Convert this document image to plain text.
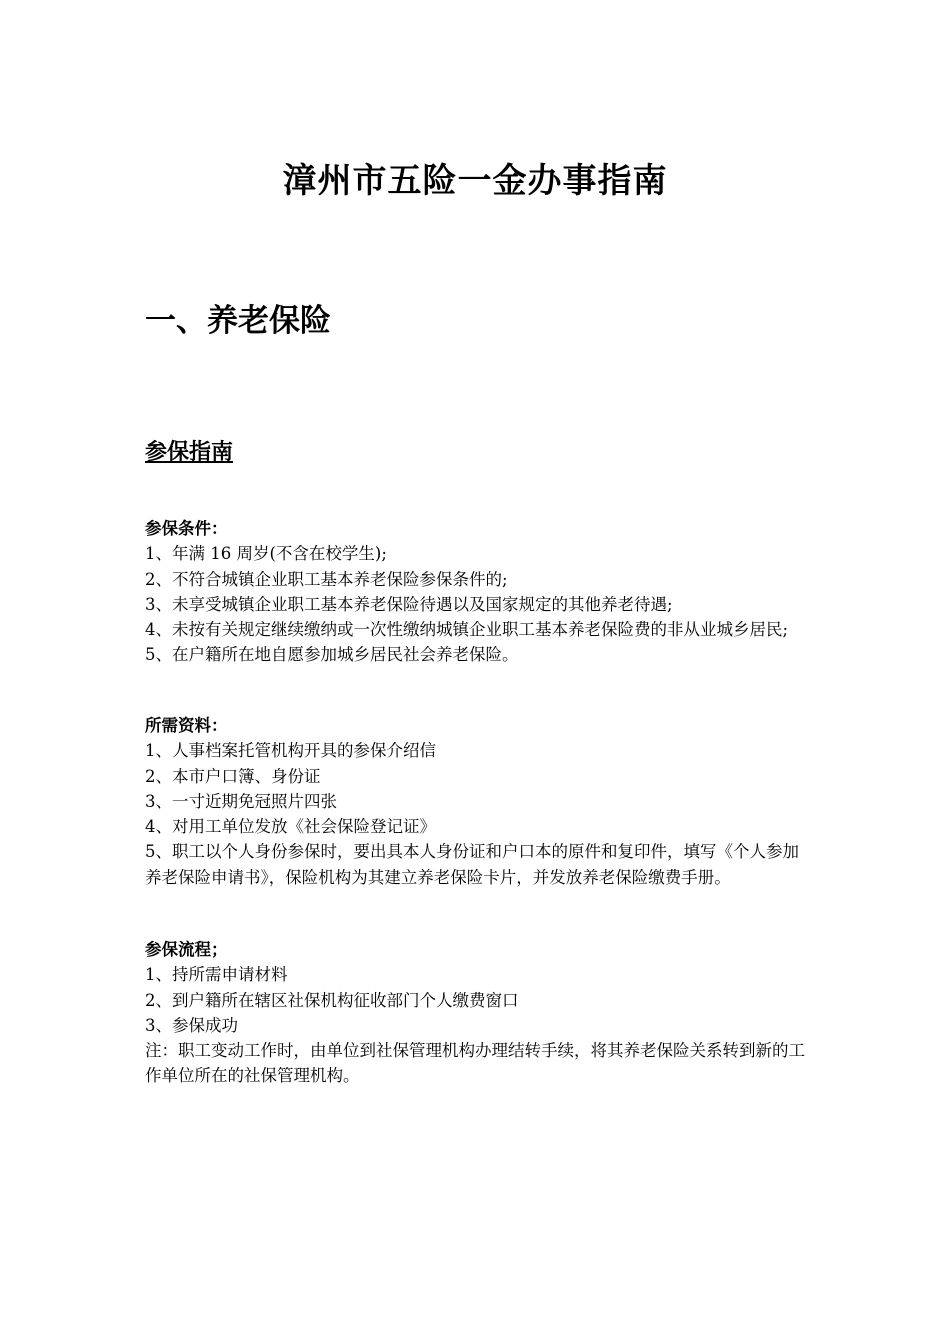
漳州市五险一金办事指南
一、养老保险
参保指南
参保条件：
1、年满 16 周岁(不含在校学生);
2、不符合城镇企业职工基本养老保险参保条件的;
3、未享受城镇企业职工基本养老保险待遇以及国家规定的其他养老待遇;
4、未按有关规定继续缴纳或一次性缴纳城镇企业职工基本养老保险费的非从业城乡居民;
5、在户籍所在地自愿参加城乡居民社会养老保险。
所需资料：
1、人事档案托管机构开具的参保介绍信
2、本市户口簿、身份证
3、一寸近期免冠照片四张
4、对用工单位发放《社会保险登记证》
5、职工以个人身份参保时，要出具本人身份证和户口本的原件和复印件，填写《个人参加养老保险申请书》，保险机构为其建立养老保险卡片，并发放养老保险缴费手册。
参保流程；
1、持所需申请材料
2、到户籍所在辖区社保机构征收部门个人缴费窗口
3、参保成功
注：职工变动工作时，由单位到社保管理机构办理结转手续，将其养老保险关系转到新的工作单位所在的社保管理机构。
